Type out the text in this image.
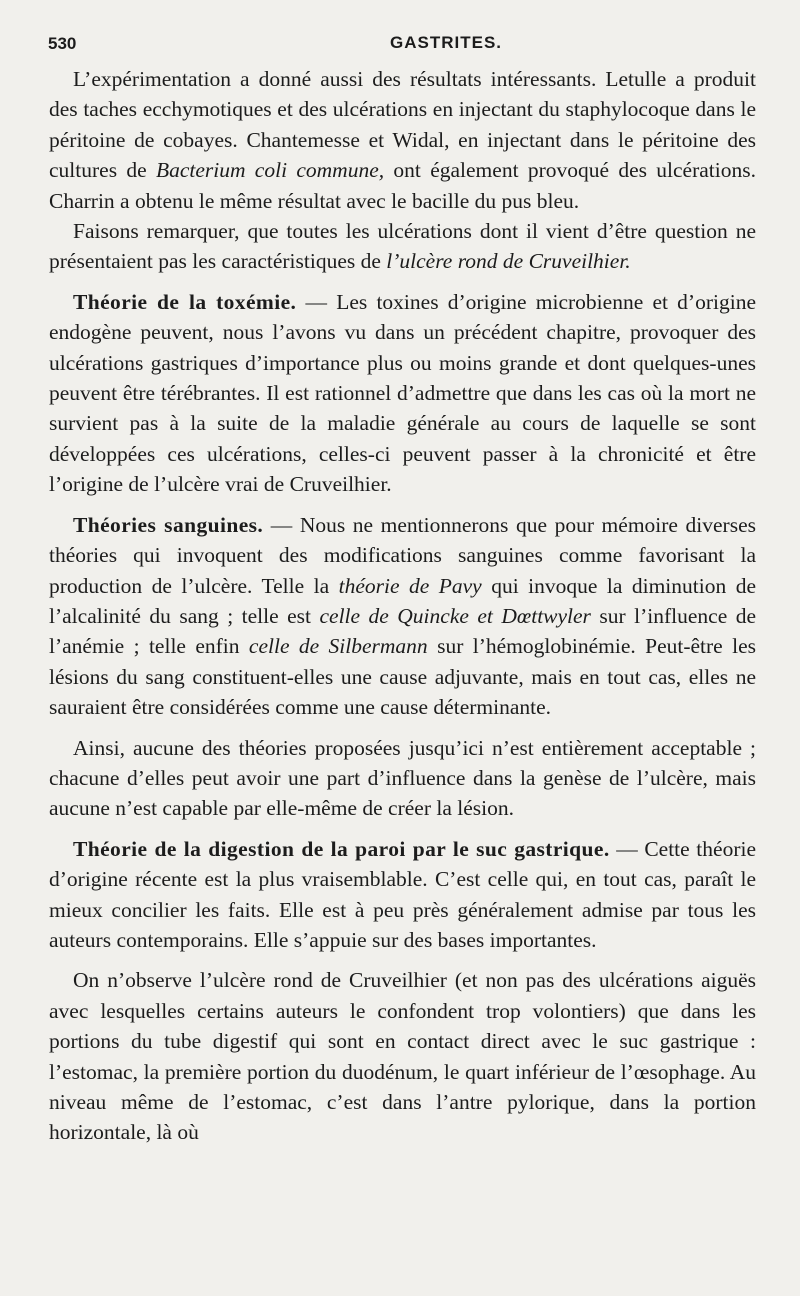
530	GASTRITES.

L’expérimentation a donné aussi des résultats intéressants. Letulle a produit des taches ecchymotiques et des ulcérations en injectant du staphylocoque dans le péritoine de cobayes. Chantemesse et Widal, en injectant dans le péritoine des cultures de Bacterium coli commune, ont également provoqué des ulcérations. Charrin a obtenu le même résultat avec le bacille du pus bleu.

Faisons remarquer, que toutes les ulcérations dont il vient d’être question ne présentaient pas les caractéristiques de l’ulcère rond de Cruveilhier.

Théorie de la toxémie. — Les toxines d’origine microbienne et d’origine endogène peuvent, nous l’avons vu dans un précédent chapitre, provoquer des ulcérations gastriques d’importance plus ou moins grande et dont quelques-unes peuvent être térébrantes. Il est rationnel d’admettre que dans les cas où la mort ne survient pas à la suite de la maladie générale au cours de laquelle se sont développées ces ulcérations, celles-ci peuvent passer à la chronicité et être l’origine de l’ulcère vrai de Cruveilhier.

Théories sanguines. — Nous ne mentionnerons que pour mémoire diverses théories qui invoquent des modifications sanguines comme favorisant la production de l’ulcère. Telle la théorie de Pavy qui invoque la diminution de l’alcalinité du sang ; telle est celle de Quincke et Dœttwyler sur l’influence de l’anémie ; telle enfin celle de Silbermann sur l’hémoglobinémie. Peut-être les lésions du sang constituent-elles une cause adjuvante, mais en tout cas, elles ne sauraient être considérées comme une cause déterminante.

Ainsi, aucune des théories proposées jusqu’ici n’est entièrement acceptable ; chacune d’elles peut avoir une part d’influence dans la genèse de l’ulcère, mais aucune n’est capable par elle-même de créer la lésion.

Théorie de la digestion de la paroi par le suc gastrique. — Cette théorie d’origine récente est la plus vraisemblable. C’est celle qui, en tout cas, paraît le mieux concilier les faits. Elle est à peu près généralement admise par tous les auteurs contemporains. Elle s’appuie sur des bases importantes.

On n’observe l’ulcère rond de Cruveilhier (et non pas des ulcérations aiguës avec lesquelles certains auteurs le confondent trop volontiers) que dans les portions du tube digestif qui sont en contact direct avec le suc gastrique : l’estomac, la première portion du duodénum, le quart inférieur de l’œsophage. Au niveau même de l’estomac, c’est dans l’antre pylorique, dans la portion horizontale, là où
